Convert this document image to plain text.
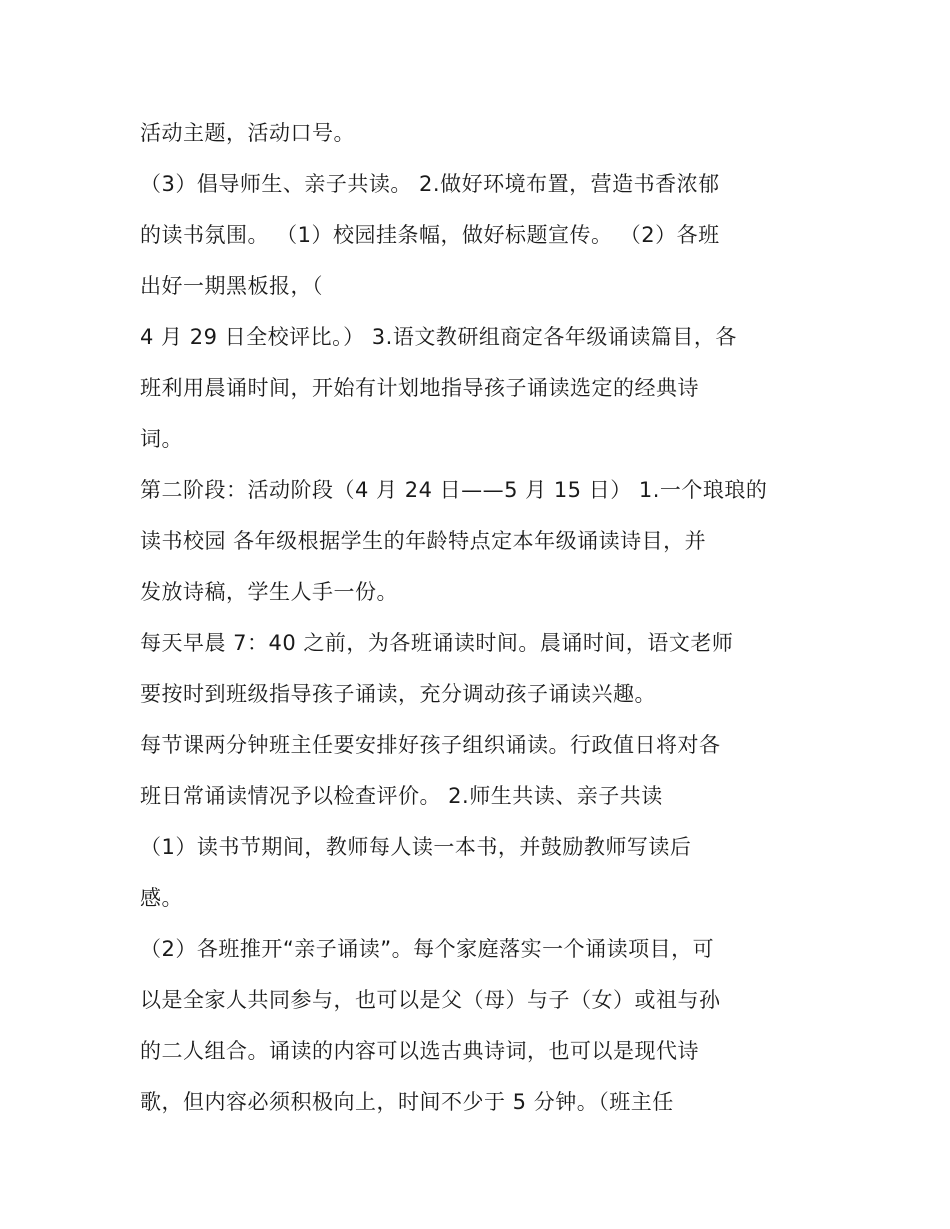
活动主题，活动口号。
（3）倡导师生、亲子共读。 2.做好环境布置，营造书香浓郁
的读书氛围。 （1）校园挂条幅，做好标题宣传。 （2）各班
出好一期黑板报，（
4 月 29 日全校评比。） 3.语文教研组商定各年级诵读篇目，各
班利用晨诵时间，开始有计划地指导孩子诵读选定的经典诗
词。
第二阶段：活动阶段（4 月 24 日——5 月 15 日） 1.一个琅琅的
读书校园 各年级根据学生的年龄特点定本年级诵读诗目，并
发放诗稿，学生人手一份。
每天早晨 7：40 之前，为各班诵读时间。晨诵时间，语文老师
要按时到班级指导孩子诵读，充分调动孩子诵读兴趣。
每节课两分钟班主任要安排好孩子组织诵读。行政值日将对各
班日常诵读情况予以检查评价。 2.师生共读、亲子共读
（1）读书节期间，教师每人读一本书，并鼓励教师写读后
感。
（2）各班推开“亲子诵读”。每个家庭落实一个诵读项目，可
以是全家人共同参与，也可以是父（母）与子（女）或祖与孙
的二人组合。诵读的内容可以选古典诗词，也可以是现代诗
歌，但内容必须积极向上，时间不少于 5 分钟。（班主任
